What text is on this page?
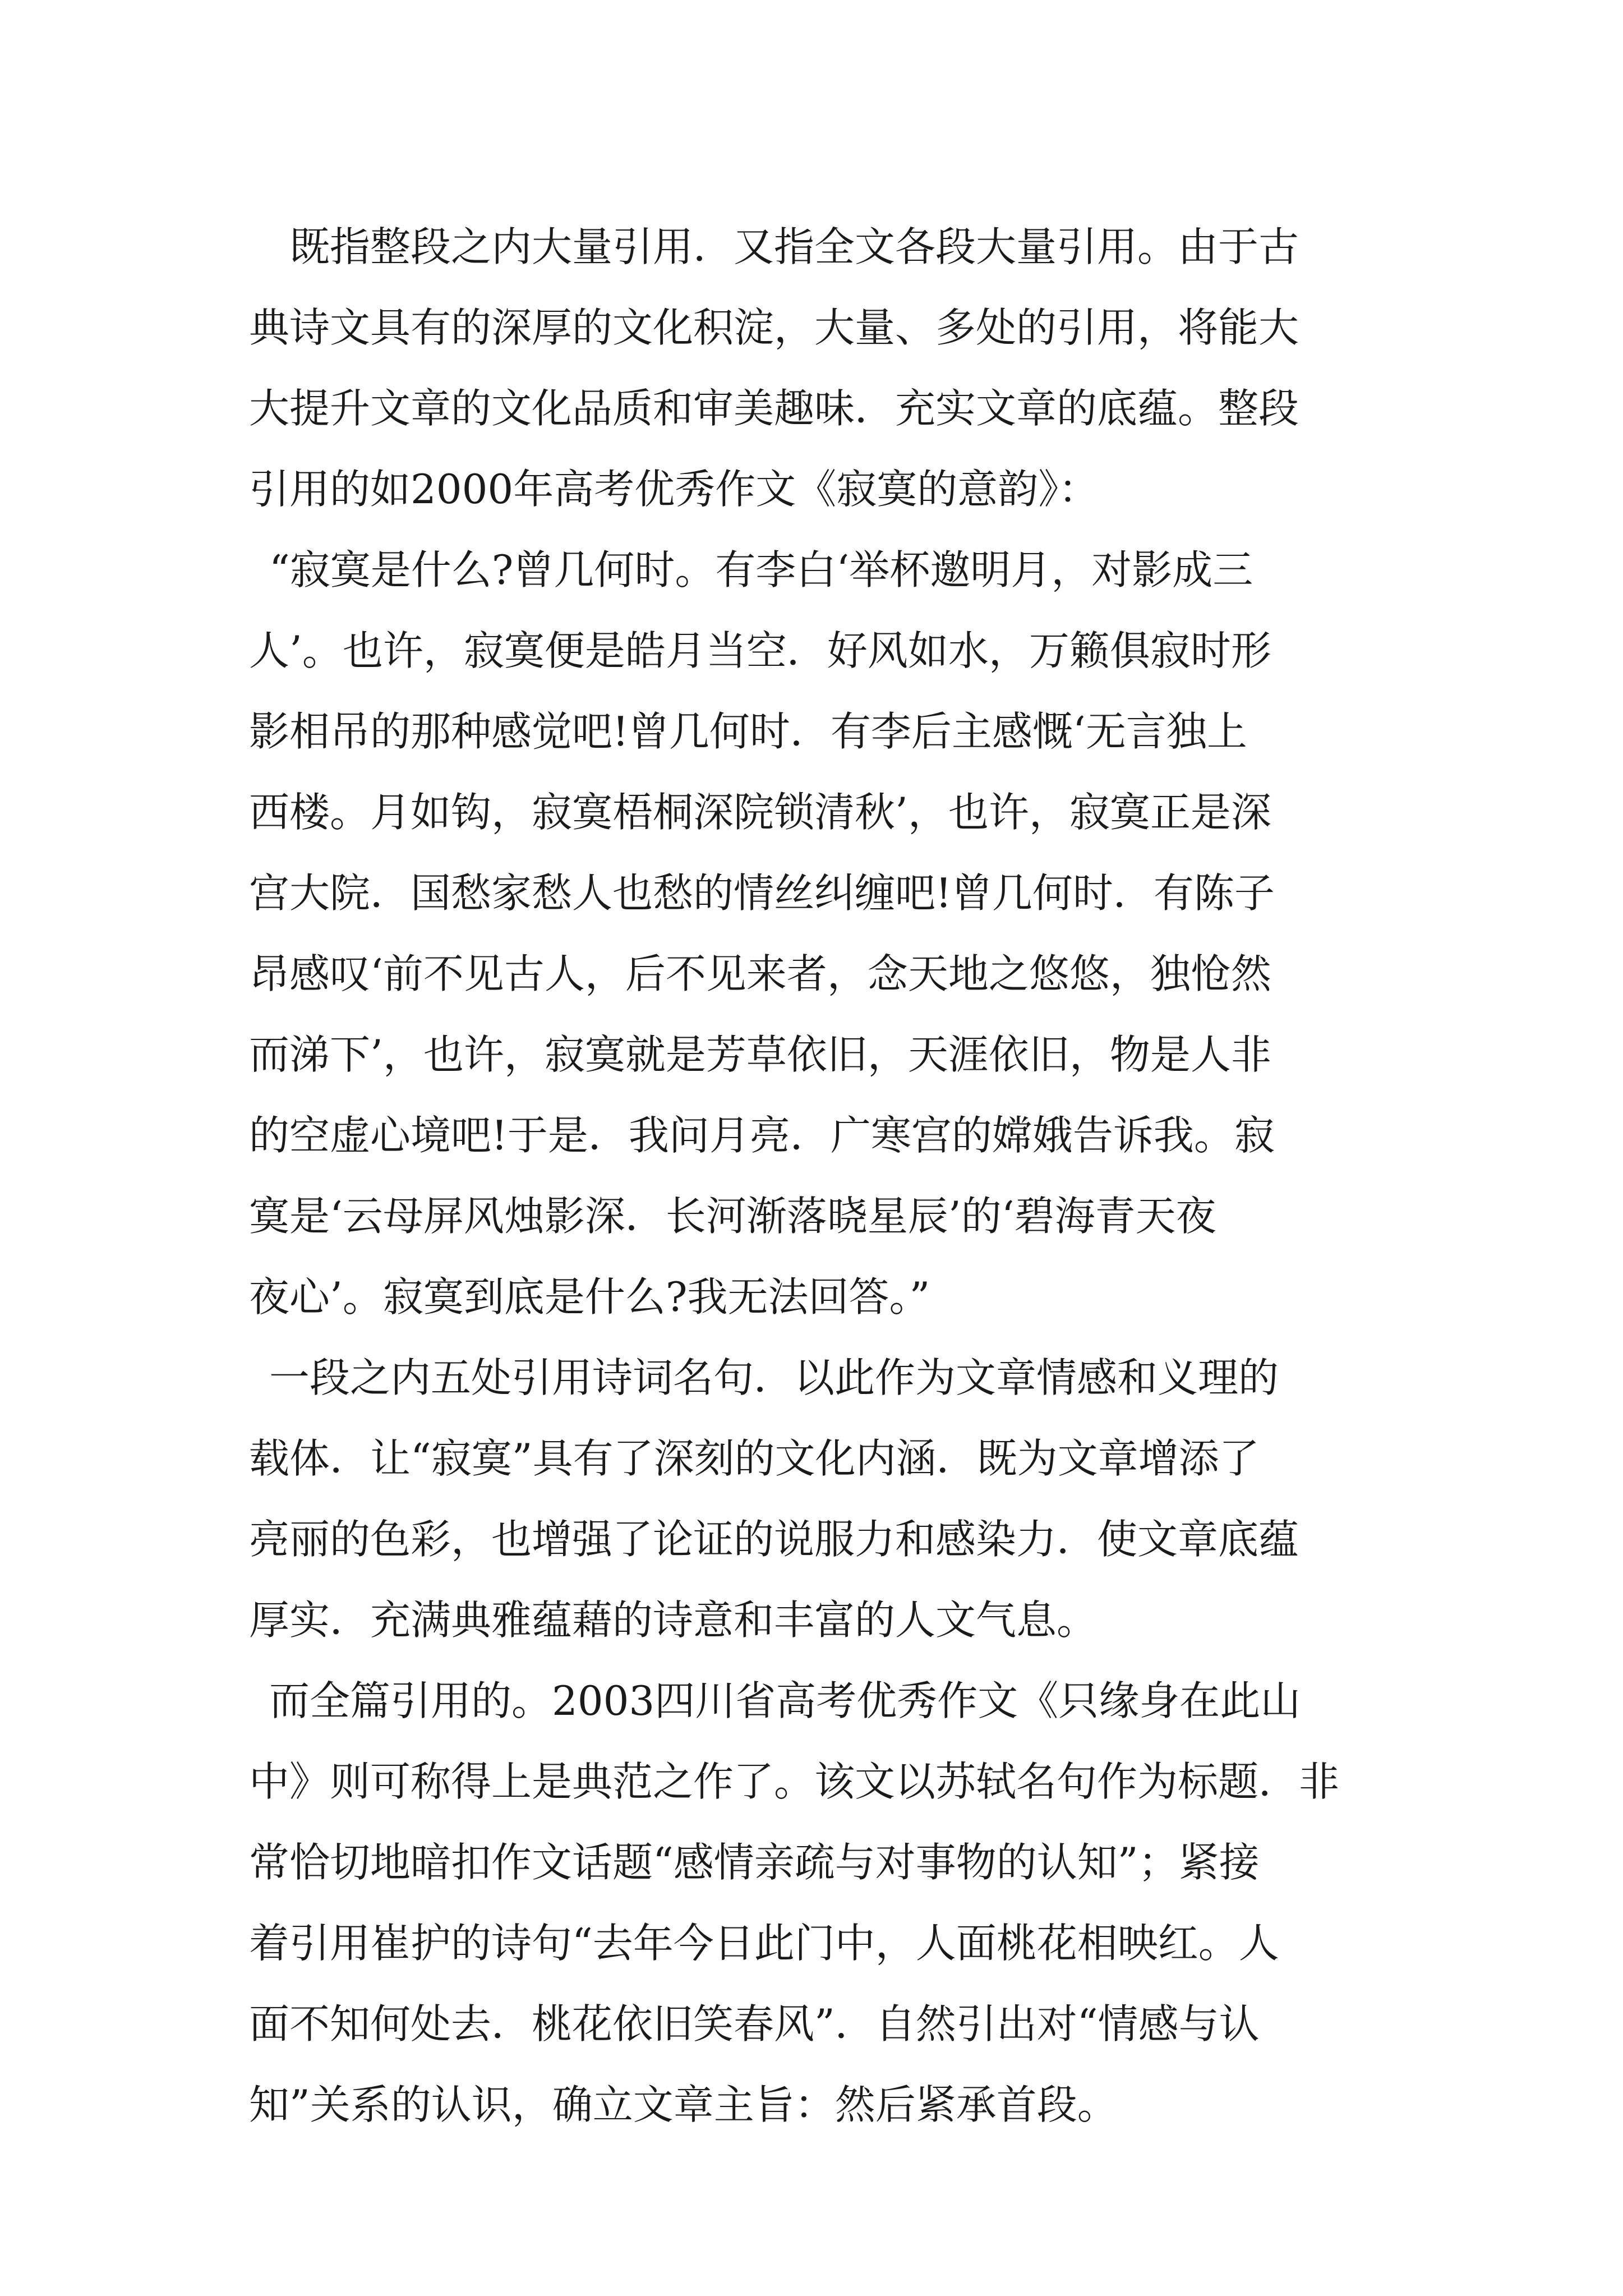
既指整段之内大量引用．又指全文各段大量引用。由于古
典诗文具有的深厚的文化积淀，大量、多处的引用，将能大
大提升文章的文化品质和审美趣味．充实文章的底蕴。整段
引用的如2000年高考优秀作文《寂寞的意韵》：
“寂寞是什么?曾几何时。有李白‘举杯邀明月，对影成三
人’。也许，寂寞便是皓月当空．好风如水，万籁俱寂时形
影相吊的那种感觉吧!曾几何时．有李后主感慨‘无言独上
西楼。月如钩，寂寞梧桐深院锁清秋’，也许，寂寞正是深
宫大院．国愁家愁人也愁的情丝纠缠吧!曾几何时．有陈子
昂感叹‘前不见古人，后不见来者，念天地之悠悠，独怆然
而涕下’，也许，寂寞就是芳草依旧，天涯依旧，物是人非
的空虚心境吧!于是．我问月亮．广寒宫的嫦娥告诉我。寂
寞是‘云母屏风烛影深．长河渐落晓星辰’的‘碧海青天夜
夜心’。寂寞到底是什么?我无法回答。”
一段之内五处引用诗词名句．以此作为文章情感和义理的
载体．让“寂寞”具有了深刻的文化内涵．既为文章增添了
亮丽的色彩，也增强了论证的说服力和感染力．使文章底蕴
厚实．充满典雅蕴藉的诗意和丰富的人文气息。
而全篇引用的。2003四川省高考优秀作文《只缘身在此山
中》则可称得上是典范之作了。该文以苏轼名句作为标题．非
常恰切地暗扣作文话题“感情亲疏与对事物的认知”；紧接
着引用崔护的诗句“去年今日此门中，人面桃花相映红。人
面不知何处去．桃花依旧笑春风”．自然引出对“情感与认
知”关系的认识，确立文章主旨：然后紧承首段。
